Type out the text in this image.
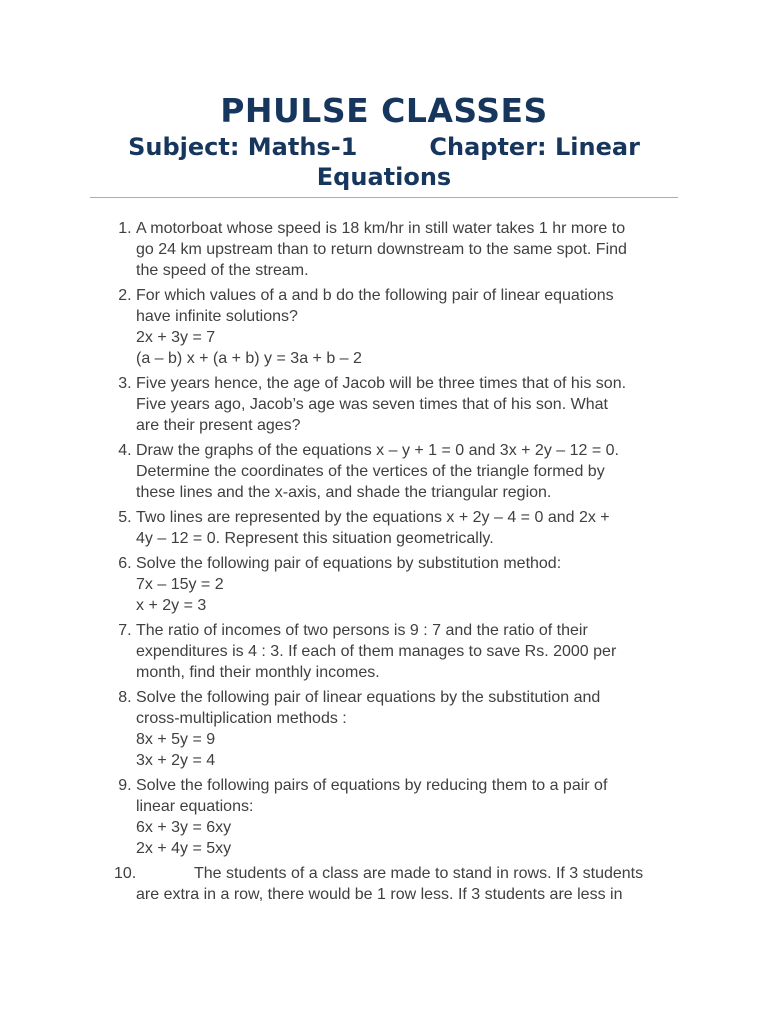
PHULSE CLASSES
Subject: Maths-1	Chapter: Linear
Equations
1. A motorboat whose speed is 18 km/hr in still water takes 1 hr more to
go 24 km upstream than to return downstream to the same spot. Find
the speed of the stream.
2. For which values of a and b do the following pair of linear equations
have infinite solutions?
2x + 3y = 7
(a – b) x + (a + b) y = 3a + b – 2
3. Five years hence, the age of Jacob will be three times that of his son.
Five years ago, Jacob’s age was seven times that of his son. What
are their present ages?
4. Draw the graphs of the equations x – y + 1 = 0 and 3x + 2y – 12 = 0.
Determine the coordinates of the vertices of the triangle formed by
these lines and the x-axis, and shade the triangular region.
5. Two lines are represented by the equations x + 2y – 4 = 0 and 2x +
4y – 12 = 0. Represent this situation geometrically.
6. Solve the following pair of equations by substitution method:
7x – 15y = 2
x + 2y = 3
7. The ratio of incomes of two persons is 9 : 7 and the ratio of their
expenditures is 4 : 3. If each of them manages to save Rs. 2000 per
month, find their monthly incomes.
8. Solve the following pair of linear equations by the substitution and
cross-multiplication methods :
8x + 5y = 9
3x + 2y = 4
9. Solve the following pairs of equations by reducing them to a pair of
linear equations:
6x + 3y = 6xy
2x + 4y = 5xy
10.	The students of a class are made to stand in rows. If 3 students
are extra in a row, there would be 1 row less. If 3 students are less in
